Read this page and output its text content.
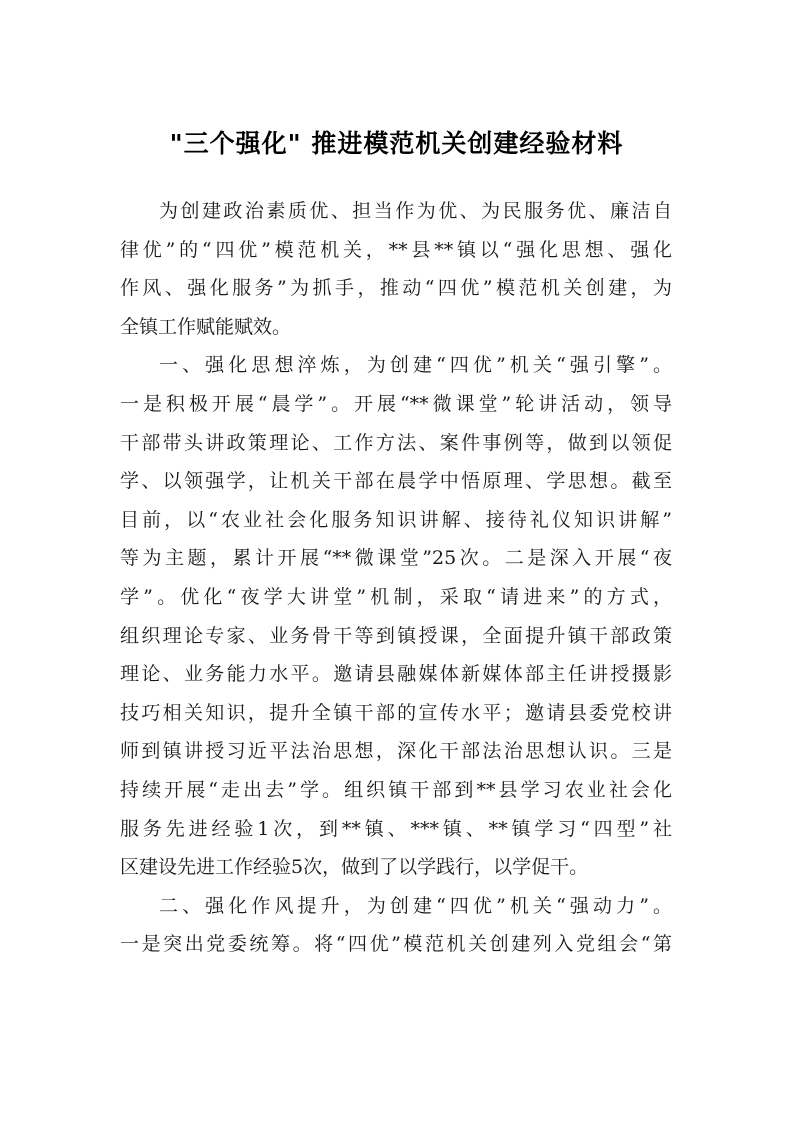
"三个强化" 推进模范机关创建经验材料
为创建政治素质优、担当作为优、为民服务优、廉洁自
律优”的“四优”模范机关，**县**镇以“强化思想、强化
作风、强化服务”为抓手，推动“四优”模范机关创建，为
全镇工作赋能赋效。
一、强化思想淬炼，为创建“四优”机关“强引擎”。
一是积极开展“晨学”。开展“**微课堂”轮讲活动，领导
干部带头讲政策理论、工作方法、案件事例等，做到以领促
学、以领强学，让机关干部在晨学中悟原理、学思想。截至
目前，以“农业社会化服务知识讲解、接待礼仪知识讲解”
等为主题，累计开展“**微课堂”25次。二是深入开展“夜
学”。优化“夜学大讲堂”机制，采取“请进来”的方式，
组织理论专家、业务骨干等到镇授课，全面提升镇干部政策
理论、业务能力水平。邀请县融媒体新媒体部主任讲授摄影
技巧相关知识，提升全镇干部的宣传水平；邀请县委党校讲
师到镇讲授习近平法治思想，深化干部法治思想认识。三是
持续开展“走出去”学。组织镇干部到**县学习农业社会化
服务先进经验1次，到**镇、***镇、**镇学习“四型”社
区建设先进工作经验5次，做到了以学践行，以学促干。
二、强化作风提升，为创建“四优”机关“强动力”。
一是突出党委统筹。将“四优”模范机关创建列入党组会“第
